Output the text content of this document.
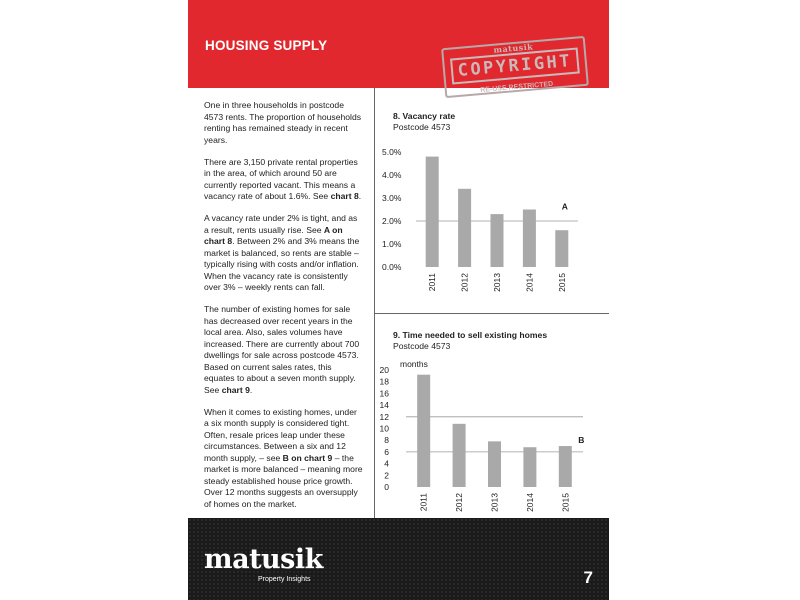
HOUSING SUPPLY	matusik
COPYRIGHT
RE-USE RESTRICTED

One in three households in postcode 4573 rents. The proportion of households renting has remained steady in recent years.

There are 3,150 private rental properties in the area, of which around 50 are currently reported vacant. This means a vacancy rate of about 1.6%. See chart 8.

A vacancy rate under 2% is tight, and as a result, rents usually rise. See A on chart 8. Between 2% and 3% means the market is balanced, so rents are stable – typically rising with costs and/or inflation. When the vacancy rate is consistently over 3% – weekly rents can fall.

The number of existing homes for sale has decreased over recent years in the local area. Also, sales volumes have increased. There are currently about 700 dwellings for sale across postcode 4573. Based on current sales rates, this equates to about a seven month supply. See chart 9.

When it comes to existing homes, under a six month supply is considered tight. Often, resale prices leap under these circumstances. Between a six and 12 month supply, – see B on chart 9 – the market is more balanced – meaning more steady established house price growth. Over 12 months suggests an oversupply of homes on the market.

8. Vacancy rate
Postcode 4573
0.0%
1.0%
2.0%
3.0%
4.0%
5.0%
2011	2012	2013	2014	2015
A
9. Time needed to sell existing homes
Postcode 4573
0
2
4
6
8
10
12
14
16
18
20
months
2011	2012	2013	2014	2015
B
matusik
Property Insights	7
